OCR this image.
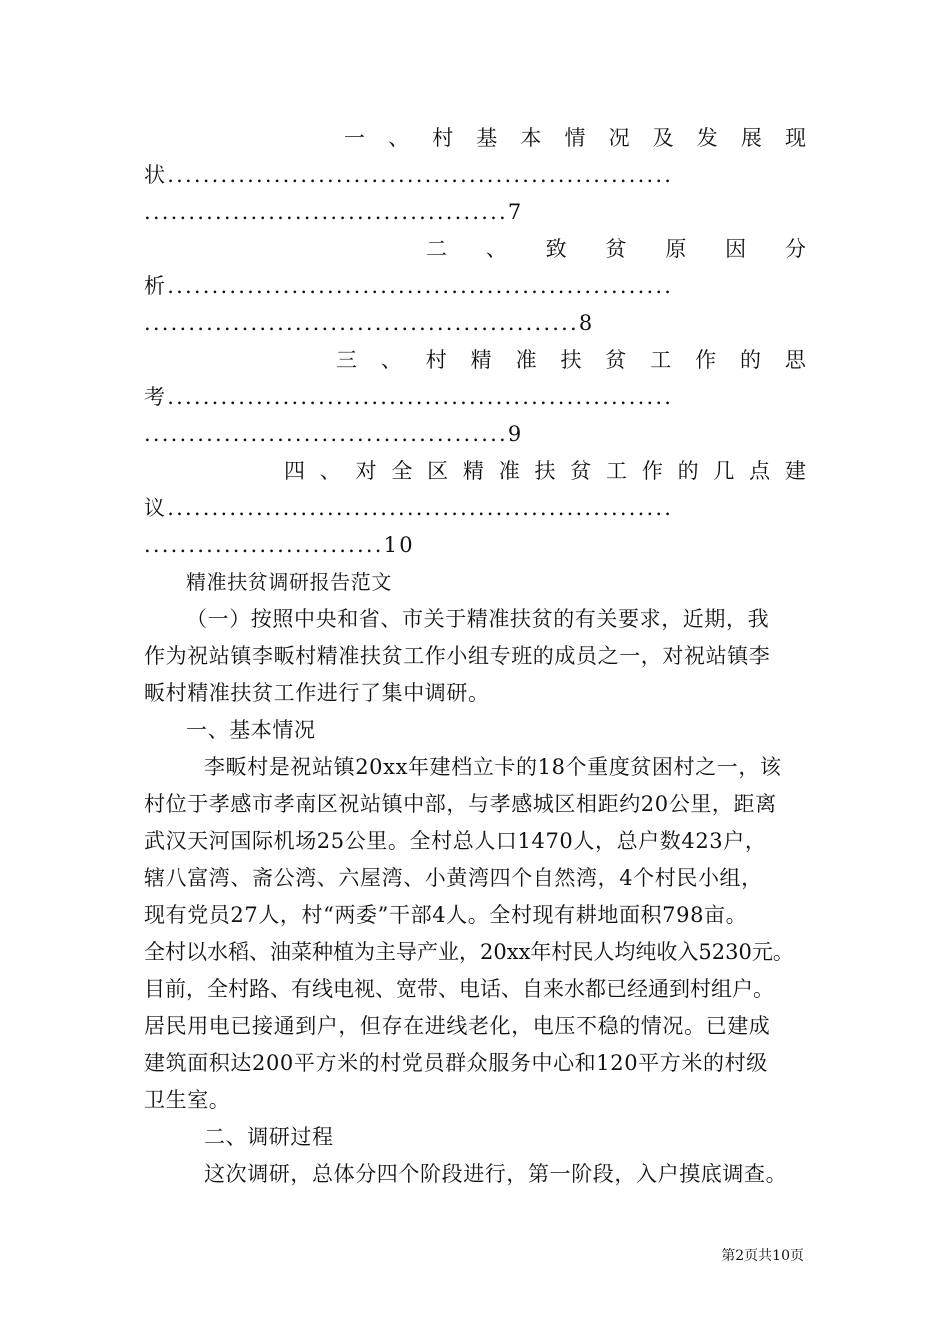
一 、 村 基 本 情 况 及 发 展 现
状.........................................................
.........................................7
二 、 致 贫 原 因 分
析.........................................................
.................................................8
三 、 村 精 准 扶 贫 工 作 的 思
考.........................................................
.........................................9
四 、 对 全 区 精 准 扶 贫 工 作 的 几 点 建
议.........................................................
...........................10
精准扶贫调研报告范文
（一）按照中央和省、市关于精准扶贫的有关要求，近期，我
作为祝站镇李畈村精准扶贫工作小组专班的成员之一，对祝站镇李
畈村精准扶贫工作进行了集中调研。
一、基本情况
李畈村是祝站镇20xx年建档立卡的18个重度贫困村之一，该
村位于孝感市孝南区祝站镇中部，与孝感城区相距约20公里，距离
武汉天河国际机场25公里。全村总人口1470人，总户数423户，
辖八富湾、斋公湾、六屋湾、小黄湾四个自然湾，4个村民小组，
现有党员27人，村“两委”干部4人。全村现有耕地面积798亩。
全村以水稻、油菜种植为主导产业，20xx年村民人均纯收入5230元。
目前，全村路、有线电视、宽带、电话、自来水都已经通到村组户。
居民用电已接通到户，但存在进线老化，电压不稳的情况。已建成
建筑面积达200平方米的村党员群众服务中心和120平方米的村级
卫生室。
二、调研过程
这次调研，总体分四个阶段进行，第一阶段，入户摸底调查。
第2页共10页
